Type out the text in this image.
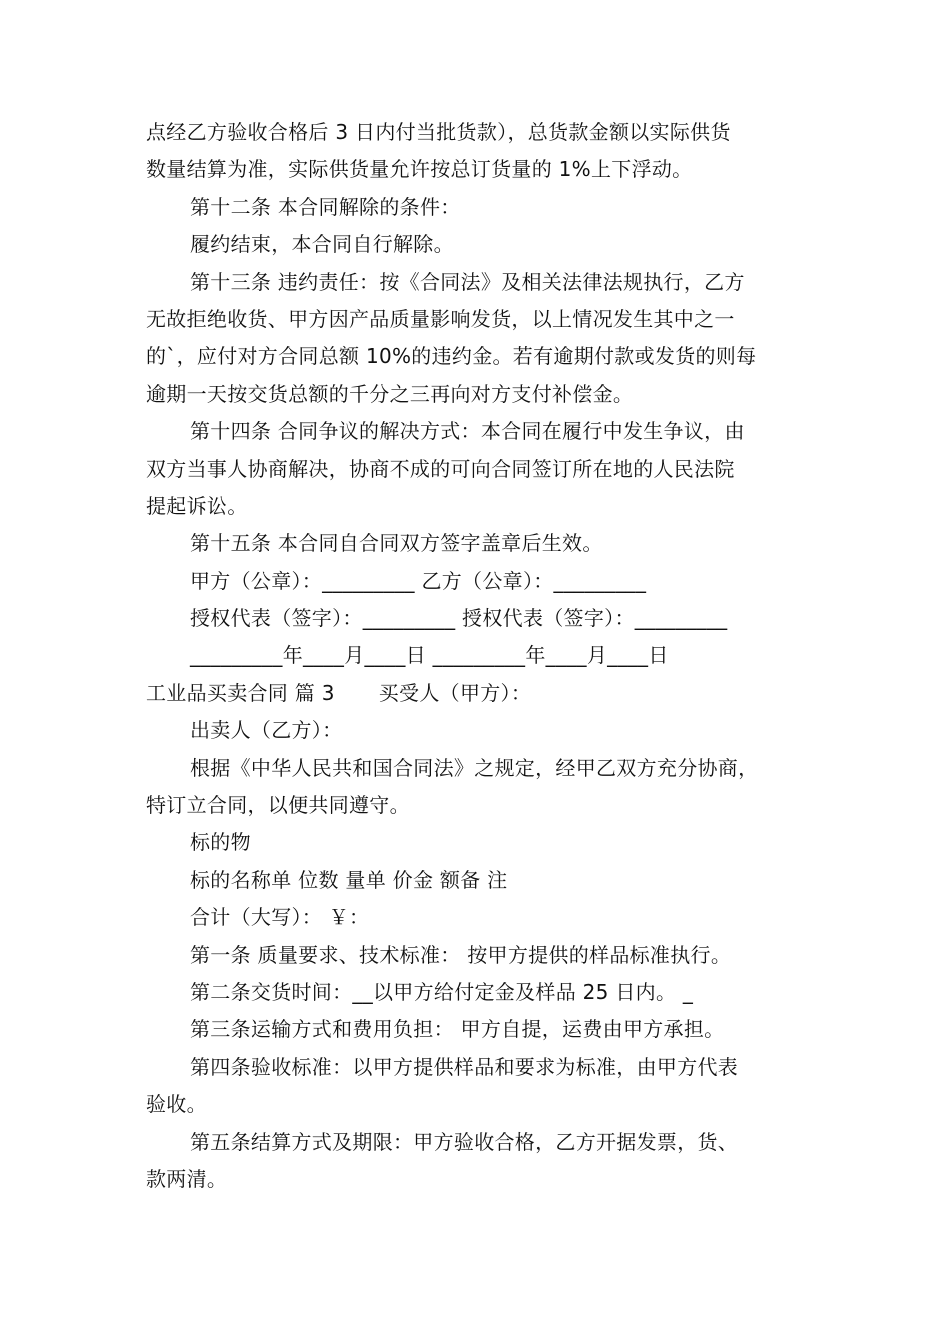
点经乙方验收合格后 3 日内付当批货款），总货款金额以实际供货
数量结算为准，实际供货量允许按总订货量的 1%上下浮动。
第十二条 本合同解除的条件：
履约结束，本合同自行解除。
第十三条 违约责任：按《合同法》及相关法律法规执行，乙方
无故拒绝收货、甲方因产品质量影响发货，以上情况发生其中之一
的`，应付对方合同总额 10%的违约金。若有逾期付款或发货的则每
逾期一天按交货总额的千分之三再向对方支付补偿金。
第十四条 合同争议的解决方式：本合同在履行中发生争议，由
双方当事人协商解决，协商不成的可向合同签订所在地的人民法院
提起诉讼。
第十五条 本合同自合同双方签字盖章后生效。
甲方（公章）：_________ 乙方（公章）：_________
授权代表（签字）：_________ 授权代表（签字）：_________
_________年____月____日 _________年____月____日
工业品买卖合同 篇 3 买受人（甲方）：
出卖人（乙方）：
根据《中华人民共和国合同法》之规定，经甲乙双方充分协商，
特订立合同，以便共同遵守。
标的物
标的名称单 位数 量单 价金 额备 注
合计（大写）： ￥：
第一条 质量要求、技术标准： 按甲方提供的样品标准执行。
第二条交货时间：__以甲方给付定金及样品 25 日内。 _
第三条运输方式和费用负担： 甲方自提，运费由甲方承担。
第四条验收标准：以甲方提供样品和要求为标准，由甲方代表
验收。
第五条结算方式及期限：甲方验收合格，乙方开据发票，货、
款两清。
